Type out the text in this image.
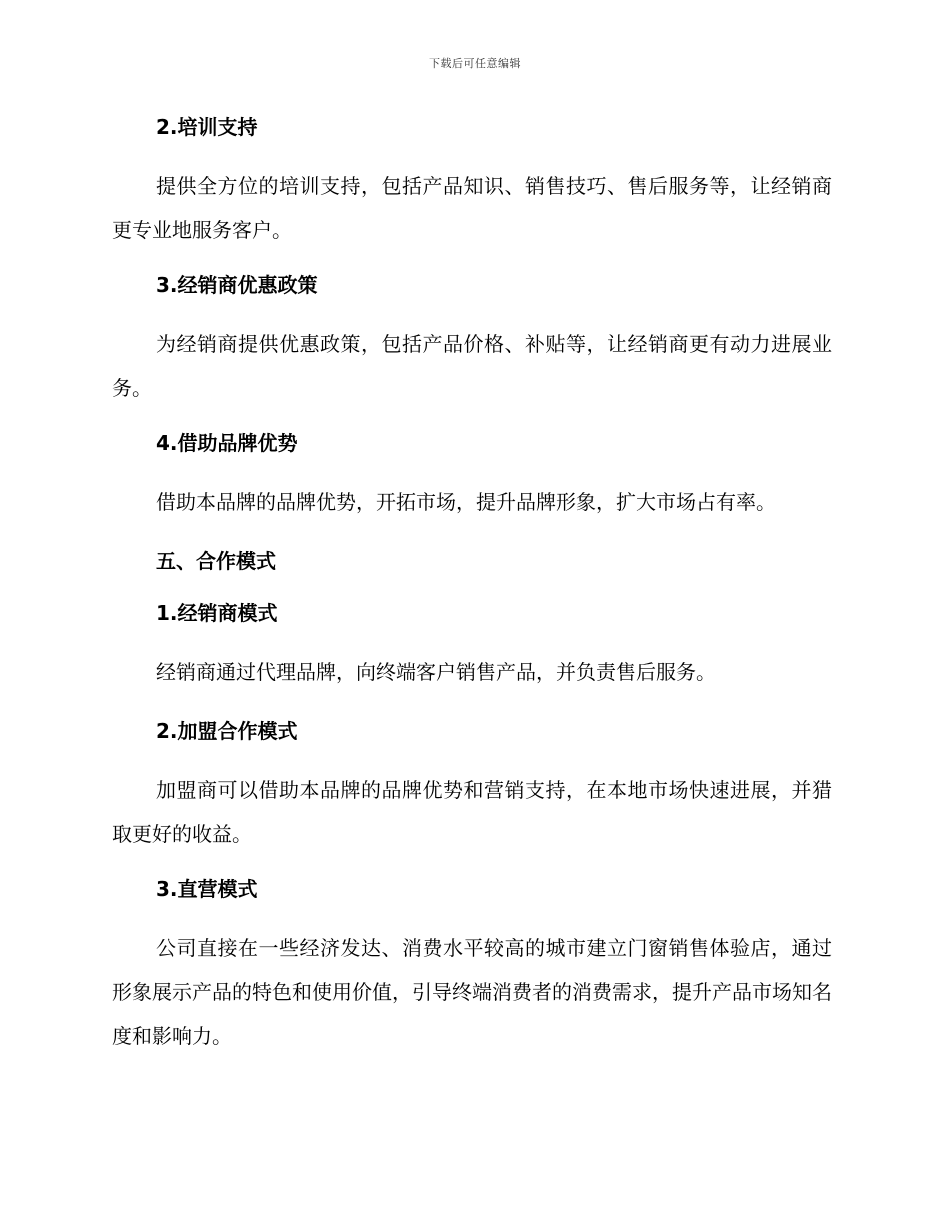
下载后可任意编辑
2.培训支持
提供全方位的培训支持，包括产品知识、销售技巧、售后服务等，让经销商更专业地服务客户。
3.经销商优惠政策
为经销商提供优惠政策，包括产品价格、补贴等，让经销商更有动力进展业务。
4.借助品牌优势
借助本品牌的品牌优势，开拓市场，提升品牌形象，扩大市场占有率。
五、合作模式
1.经销商模式
经销商通过代理品牌，向终端客户销售产品，并负责售后服务。
2.加盟合作模式
加盟商可以借助本品牌的品牌优势和营销支持，在本地市场快速进展，并猎取更好的收益。
3.直营模式
公司直接在一些经济发达、消费水平较高的城市建立门窗销售体验店，通过形象展示产品的特色和使用价值，引导终端消费者的消费需求，提升产品市场知名度和影响力。
